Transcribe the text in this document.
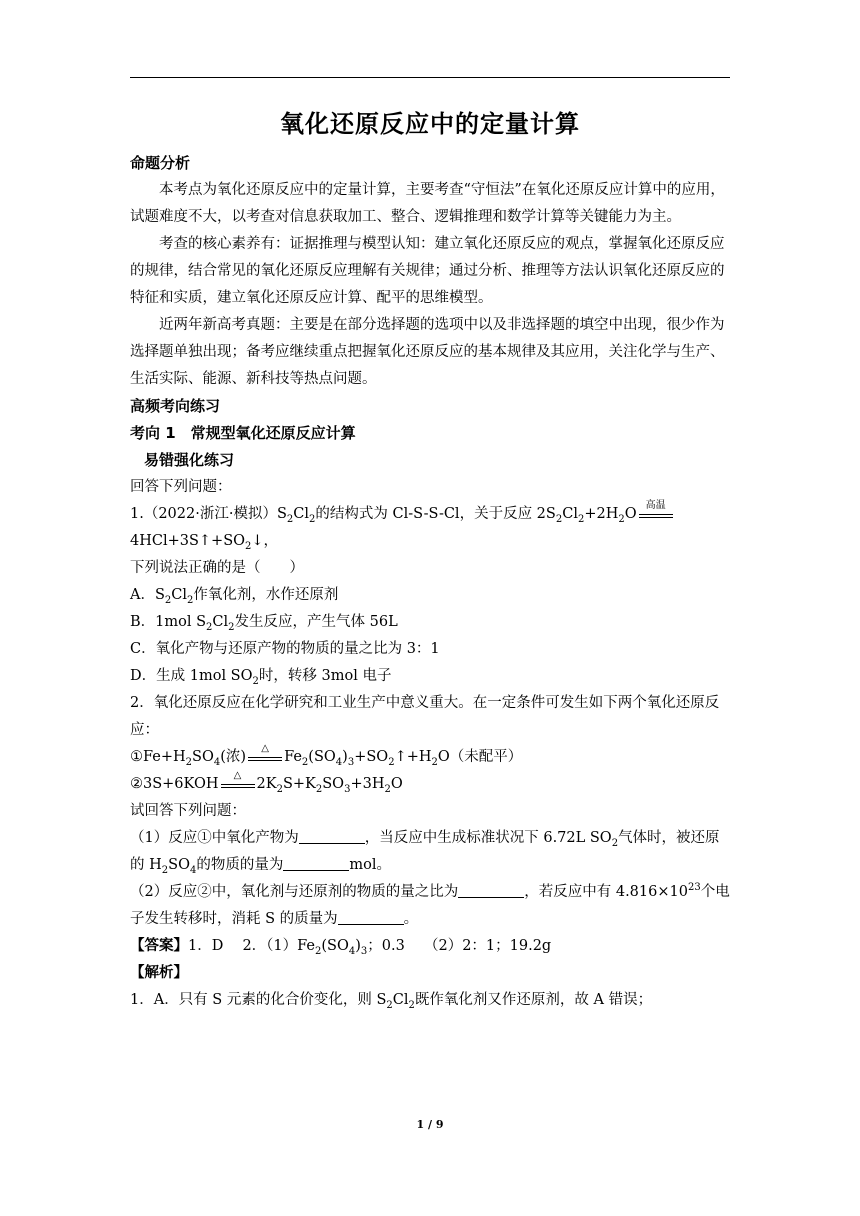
氧化还原反应中的定量计算

命题分析

本考点为氧化还原反应中的定量计算，主要考查“守恒法”在氧化还原反应计算中的应用，试题难度不大，以考查对信息获取加工、整合、逻辑推理和数学计算等关键能力为主。

考查的核心素养有：证据推理与模型认知：建立氧化还原反应的观点，掌握氧化还原反应的规律，结合常见的氧化还原反应理解有关规律；通过分析、推理等方法认识氧化还原反应的特征和实质，建立氧化还原反应计算、配平的思维模型。

近两年新高考真题：主要是在部分选择题的选项中以及非选择题的填空中出现，很少作为选择题单独出现；备考应继续重点把握氧化还原反应的基本规律及其应用，关注化学与生产、生活实际、能源、新科技等热点问题。

高频考向练习

考向 1　常规型氧化还原反应计算

易错强化练习

回答下列问题：

1.（2022·浙江·模拟）$S_2Cl_2$的结构式为 Cl-S-S-Cl，关于反应 $2S_2Cl_2+2H_2O$
高温
$4HCl+3S↑+SO_2↓$，

下列说法正确的是（　　）

A．$S_2Cl_2$作氧化剂，水作还原剂

B．1mol $S_2Cl_2$发生反应，产生气体 56L

C．氧化产物与还原产物的物质的量之比为 3：1

D．生成 1mol $SO_2$时，转移 3mol 电子

2．氧化还原反应在化学研究和工业生产中意义重大。在一定条件可发生如下两个氧化还原反应：

$①Fe+H_2SO_4$(浓)
△
$Fe_2(SO_4)_3+SO_2↑+H_2O$（未配平）

②3S+6KOH
△
$2K_2S+K_2SO_3+3H_2O$

试回答下列问题：

（1）反应①中氧化产物为	，当反应中生成标准状况下 6.72L $SO_2$气体时，被还原
的 $H_2SO_4$的物质的量为	mol。

（2）反应②中，氧化剂与还原剂的物质的量之比为	，若反应中有 $4.816\times 10^{23}$个电
子发生转移时，消耗 S 的质量为	。

【答案】1．D　 2．$(1)Fe_2(SO_4)_3$；0.3　 （2）2：1；19.2g

【解析】

1．A．只有 S 元素的化合价变化，则 $S_2Cl_2$既作氧化剂又作还原剂，故 A 错误；

1 / 9
